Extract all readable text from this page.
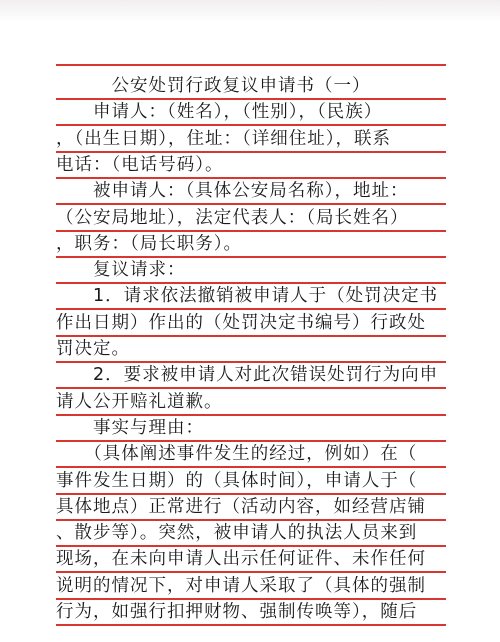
　　　公安处罚行政复议申请书（一）
　　申请人：（姓名），（性别），（民族）
，（出生日期），住址：（详细住址），联系
电话：（电话号码）。
　　被申请人：（具体公安局名称），地址：
（公安局地址），法定代表人：（局长姓名）
，职务：（局长职务）。
　　复议请求：
　　1．请求依法撤销被申请人于（处罚决定书
作出日期）作出的（处罚决定书编号）行政处
罚决定。
　　2．要求被申请人对此次错误处罚行为向申
请人公开赔礼道歉。
　　事实与理由：
　　（具体阐述事件发生的经过，例如）在（
事件发生日期）的（具体时间），申请人于（
具体地点）正常进行（活动内容，如经营店铺
、散步等）。突然，被申请人的执法人员来到
现场，在未向申请人出示任何证件、未作任何
说明的情况下，对申请人采取了（具体的强制
行为，如强行扣押财物、强制传唤等），随后
